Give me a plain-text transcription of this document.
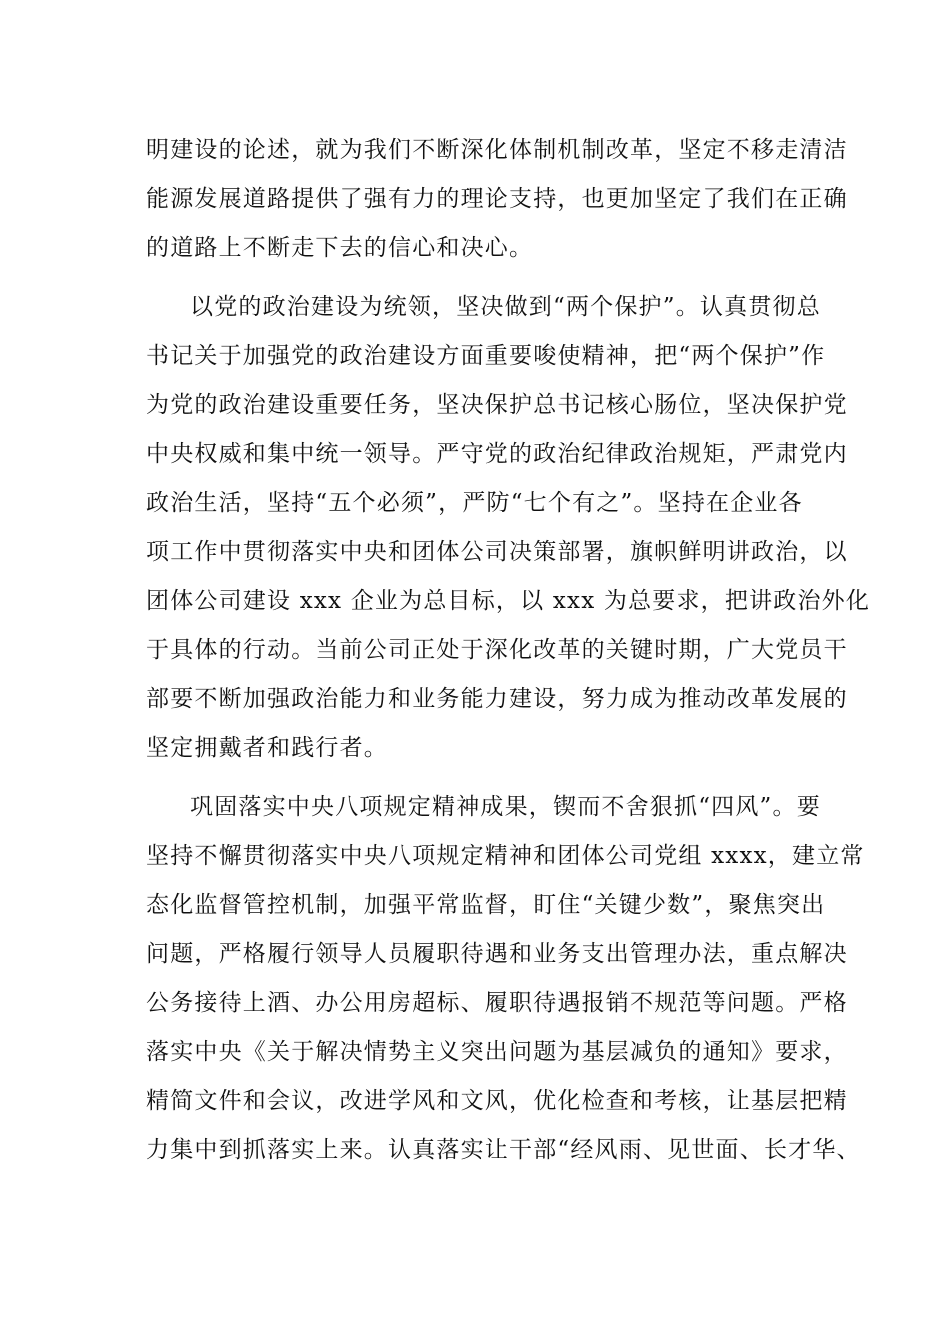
明建设的论述，就为我们不断深化体制机制改革，坚定不移走清洁
能源发展道路提供了强有力的理论支持，也更加坚定了我们在正确
的道路上不断走下去的信心和决心。
以党的政治建设为统领，坚决做到“两个保护”。认真贯彻总
书记关于加强党的政治建设方面重要唆使精神，把“两个保护”作
为党的政治建设重要任务，坚决保护总书记核心肠位，坚决保护党
中央权威和集中统一领导。严守党的政治纪律政治规矩，严肃党内
政治生活，坚持“五个必须”，严防“七个有之”。坚持在企业各
项工作中贯彻落实中央和团体公司决策部署，旗帜鲜明讲政治，以
团体公司建设 xxx 企业为总目标，以 xxx 为总要求，把讲政治外化
于具体的行动。当前公司正处于深化改革的关键时期，广大党员干
部要不断加强政治能力和业务能力建设，努力成为推动改革发展的
坚定拥戴者和践行者。
巩固落实中央八项规定精神成果，锲而不舍狠抓“四风”。要
坚持不懈贯彻落实中央八项规定精神和团体公司党组 xxxx，建立常
态化监督管控机制，加强平常监督，盯住“关键少数”，聚焦突出
问题，严格履行领导人员履职待遇和业务支出管理办法，重点解决
公务接待上酒、办公用房超标、履职待遇报销不规范等问题。严格
落实中央《关于解决情势主义突出问题为基层减负的通知》要求，
精简文件和会议，改进学风和文风，优化检查和考核，让基层把精
力集中到抓落实上来。认真落实让干部“经风雨、见世面、长才华、
